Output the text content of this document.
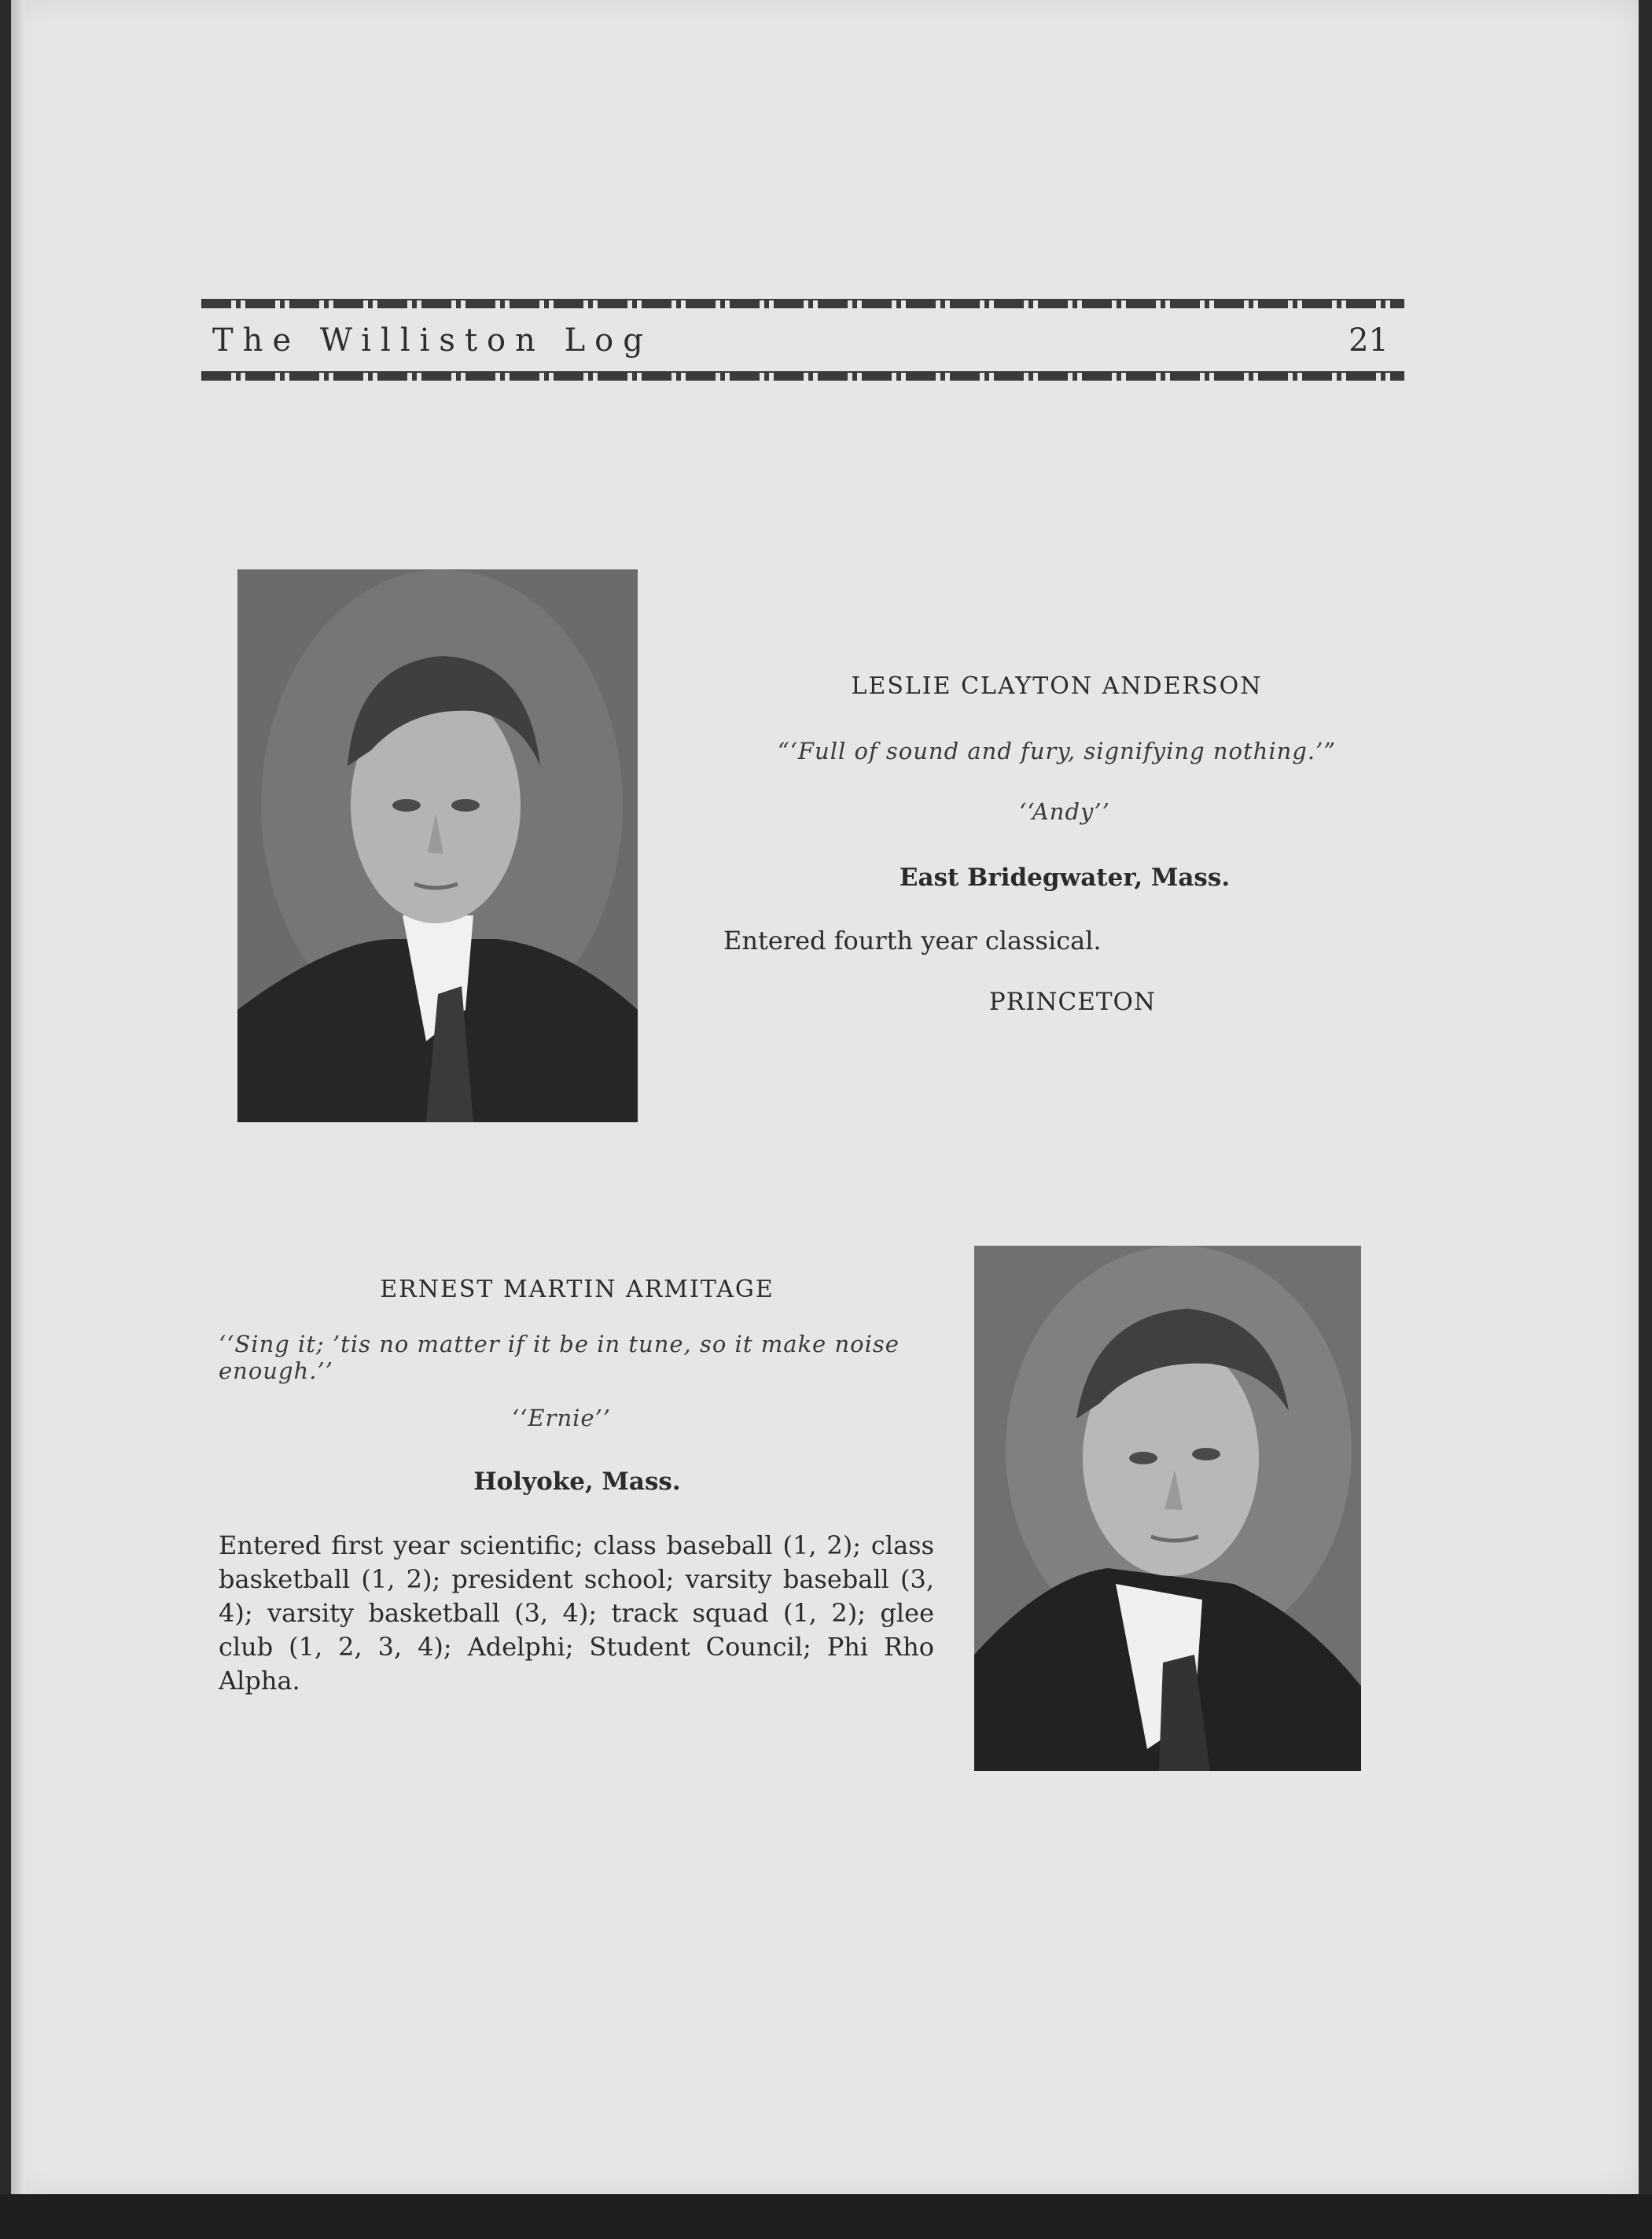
The Williston Log	21
LESLIE CLAYTON ANDERSON
“‘Full of sound and fury, signifying nothing.’”
‘‘Andy’’
East Bridegwater, Mass.
Entered fourth year classical.
PRINCETON
ERNEST MARTIN ARMITAGE
‘‘Sing it; ’tis no matter if it be in tune, so it make noise enough.’’
‘‘Ernie’’
Holyoke, Mass.
Entered first year scientific; class baseball (1, 2); class basketball (1, 2); president school; varsity baseball (3, 4); varsity basketball (3, 4); track squad (1, 2); glee club (1, 2, 3, 4); Adelphi; Student Council; Phi Rho Alpha.
